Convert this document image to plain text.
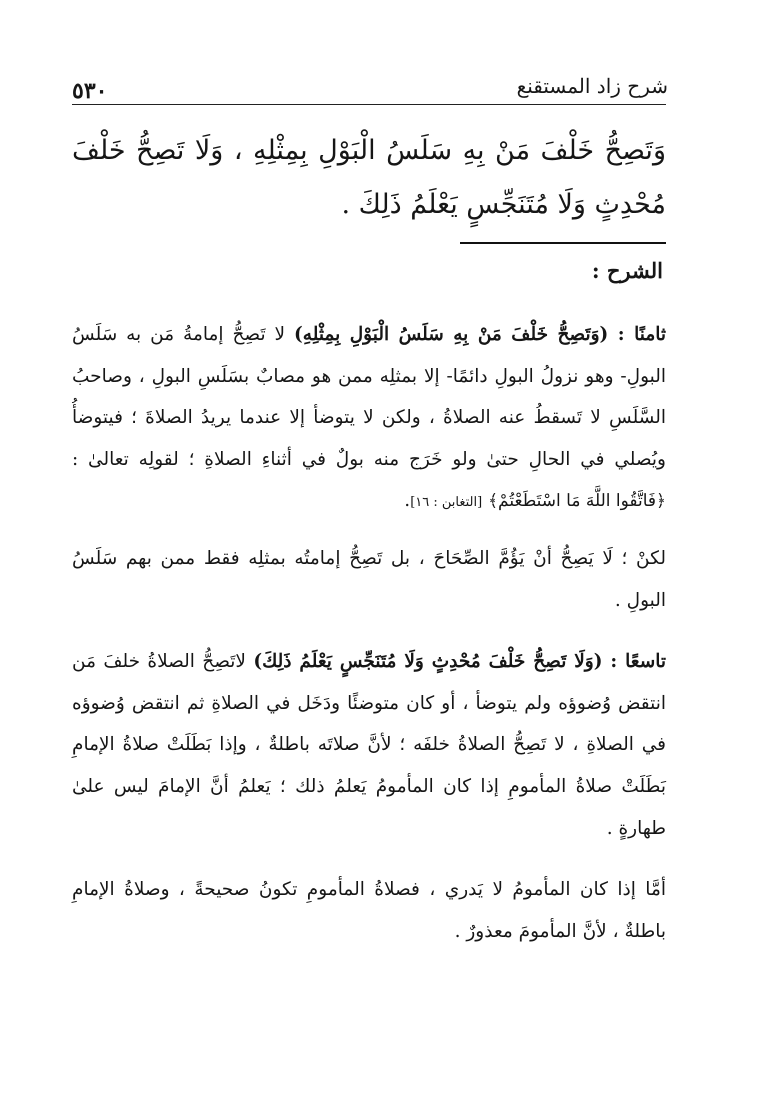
شرح زاد المستقنع
٥٣٠
وَتَصِحُّ خَلْفَ مَنْ بِهِ سَلَسُ الْبَوْلِ بِمِثْلِهِ ، وَلَا تَصِحُّ خَلْفَ مُحْدِثٍ وَلَا مُتَنَجِّسٍ يَعْلَمُ ذَلِكَ .
الشرح :

ثامنًا : (وَتَصِحُّ خَلْفَ مَنْ بِهِ سَلَسُ الْبَوْلِ بِمِثْلِهِ) لا تَصِحُّ إمامةُ مَن به سَلَسُ البولِ- وهو نزولُ البولِ دائمًا- إلا بمثلِه ممن هو مصابٌ بسَلَسِ البولِ ، وصاحبُ السَّلَسِ لا تَسقطُ عنه الصلاةُ ، ولكن لا يتوضأ إلا عندما يريدُ الصلاةَ ؛ فيتوضأُ ويُصلي في الحالِ حتىٰ ولو خَرَج منه بولٌ في أثناءِ الصلاةِ ؛ لقولِه تعالىٰ : ﴿فَاتَّقُوا اللَّهَ مَا اسْتَطَعْتُمْ﴾ [التغابن : ١٦].

لكنْ ؛ لَا يَصِحُّ أنْ يَؤُمَّ الصِّحَاحَ ، بل تَصِحُّ إمامتُه بمثلِه فقط ممن بهم سَلَسُ البولِ .

تاسعًا : (وَلَا تَصِحُّ خَلْفَ مُحْدِثٍ وَلَا مُتَنَجِّسٍ يَعْلَمُ ذَلِكَ) لاتَصِحُّ الصلاةُ خلفَ مَن انتقض وُضوؤه ولم يتوضأ ، أو كان متوضئًا ودَخَل في الصلاةِ ثم انتقض وُضوؤه في الصلاةِ ، لا تَصِحُّ الصلاةُ خلفَه ؛ لأنَّ صلاتَه باطلةٌ ، وإذا بَطَلَتْ صلاةُ الإمامِ بَطَلَتْ صلاةُ المأمومِ إذا كان المأمومُ يَعلمُ ذلك ؛ يَعلمُ أنَّ الإمامَ ليس علىٰ طهارةٍ .

أمَّا إذا كان المأمومُ لا يَدري ، فصلاةُ المأمومِ تكونُ صحيحةً ، وصلاةُ الإمامِ باطلةٌ ، لأنَّ المأمومَ معذورٌ .
